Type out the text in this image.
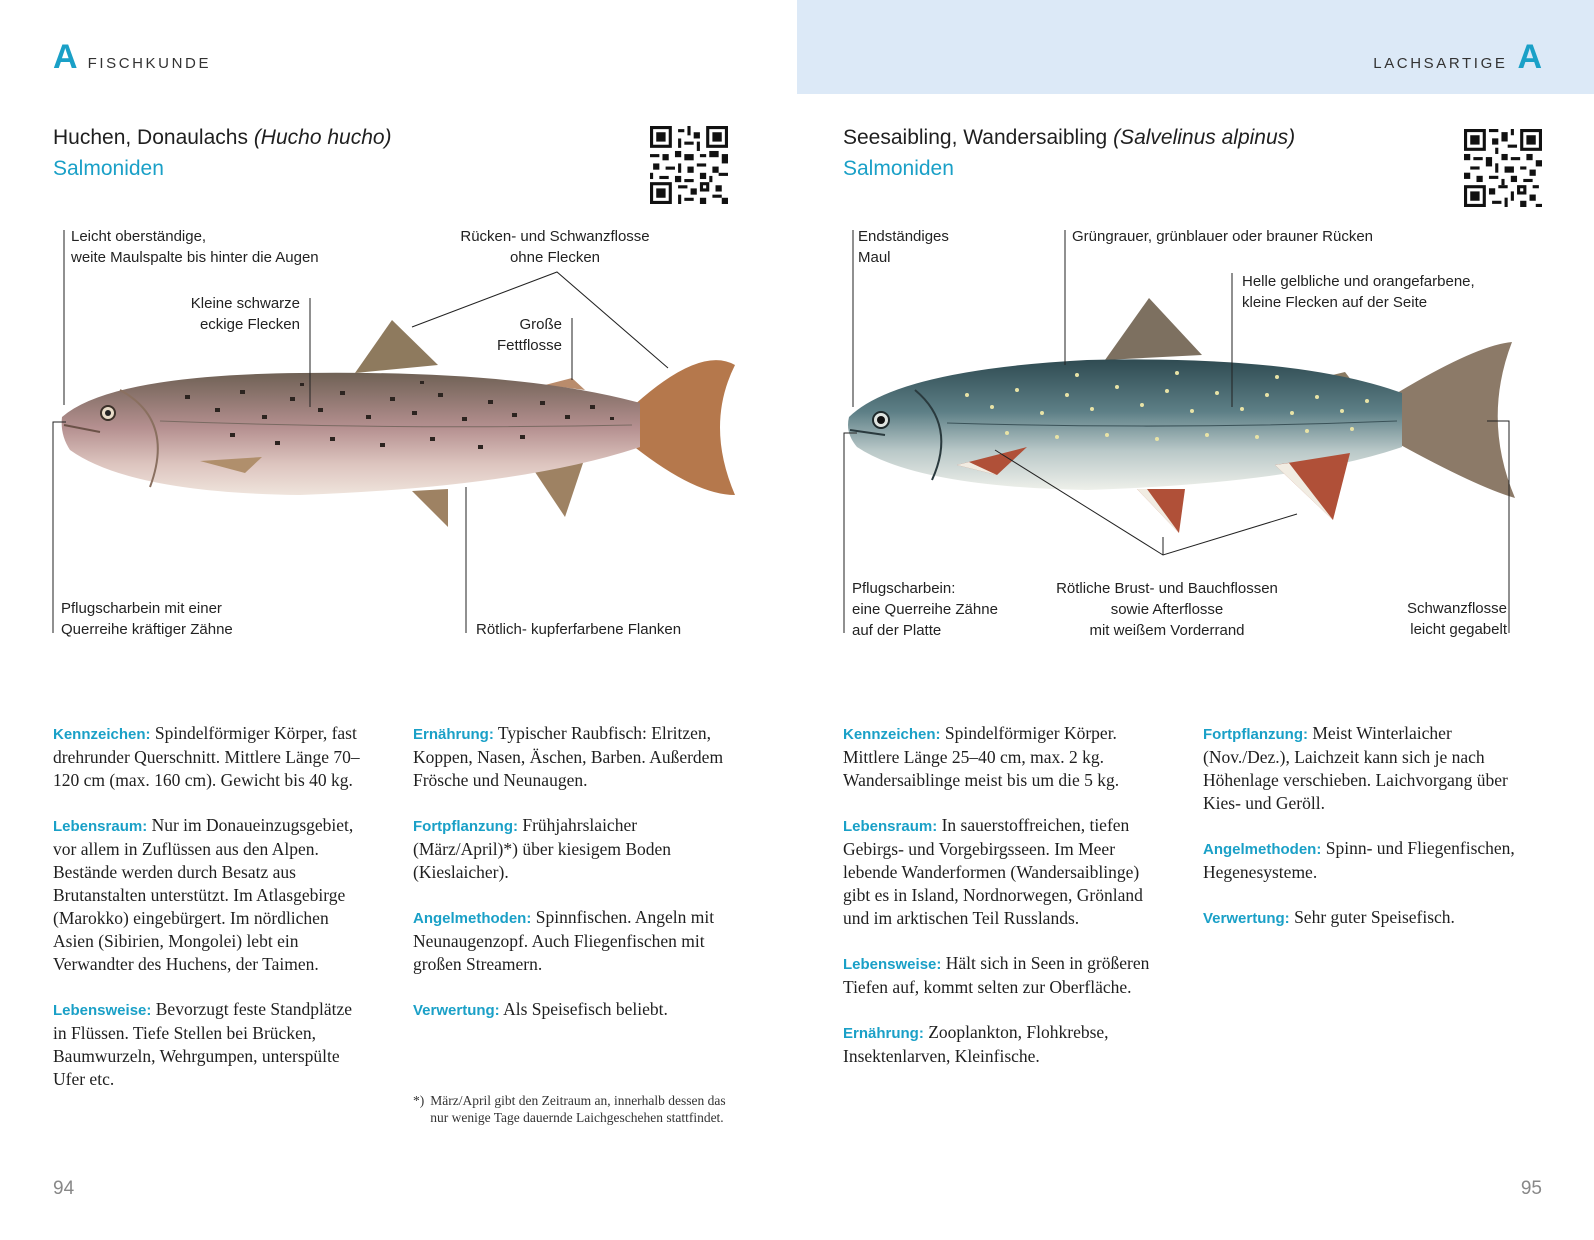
A FISCHKUNDE
Huchen, Donaulachs (Hucho hucho)
Salmoniden
Leicht oberständige,
weite Maulspalte bis hinter die Augen
Rücken- und Schwanzflosse
ohne Flecken
Kleine schwarze
eckige Flecken	Große
Fettflosse
Pflugscharbein mit einer
Querreihe kräftiger Zähne	Rötlich- kupferfarbene Flanken

Kennzeichen: Spindelförmiger Körper, fast drehrunder Querschnitt. Mittlere Länge 70–120 cm (max. 160 cm). Gewicht bis 40 kg.

Lebensraum: Nur im Donaueinzugsgebiet, vor allem in Zuflüssen aus den Alpen. Bestände werden durch Besatz aus Brutanstalten unterstützt. Im Atlasgebirge (Marokko) eingebürgert. Im nördlichen Asien (Sibirien, Mongolei) lebt ein Verwandter des Huchens, der Taimen.

Lebensweise: Bevorzugt feste Standplätze in Flüssen. Tiefe Stellen bei Brücken, Baumwurzeln, Wehrgumpen, unterspülte Ufer etc.

Ernährung: Typischer Raubfisch: Elritzen, Koppen, Nasen, Äschen, Barben. Außerdem Frösche und Neunaugen.

Fortpflanzung: Frühjahrslaicher (März/April)*) über kiesigem Boden (Kieslaicher).

Angelmethoden: Spinnfischen. Angeln mit Neunaugenzopf. Auch Fliegenfischen mit großen Streamern.

Verwertung: Als Speisefisch beliebt.

*) März/April gibt den Zeitraum an, innerhalb dessen das nur wenige Tage dauernde Laichgeschehen stattfindet.
94
LACHSARTIGE A
Seesaibling, Wandersaibling (Salvelinus alpinus)
Salmoniden
Endständiges
Maul
Grüngrauer, grünblauer oder brauner Rücken
Helle gelbliche und orangefarbene,
kleine Flecken auf der Seite
Pflugscharbein:
eine Querreihe Zähne
auf der Platte
Rötliche Brust- und Bauchflossen
sowie Afterflosse
mit weißem Vorderrand
Schwanzflosse
leicht gegabelt

Kennzeichen: Spindelförmiger Körper. Mittlere Länge 25–40 cm, max. 2 kg. Wandersaiblinge meist bis um die 5 kg.

Lebensraum: In sauerstoffreichen, tiefen Gebirgs- und Vorgebirgsseen. Im Meer lebende Wanderformen (Wandersaiblinge) gibt es in Island, Nordnorwegen, Grönland und im arktischen Teil Russlands.

Lebensweise: Hält sich in Seen in größeren Tiefen auf, kommt selten zur Oberfläche.

Ernährung: Zooplankton, Flohkrebse, Insektenlarven, Kleinfische.

Fortpflanzung: Meist Winterlaicher (Nov./Dez.), Laichzeit kann sich je nach Höhenlage verschieben. Laichvorgang über Kies- und Geröll.

Angelmethoden: Spinn- und Fliegenfischen, Hegenesysteme.

Verwertung: Sehr guter Speisefisch.

95
